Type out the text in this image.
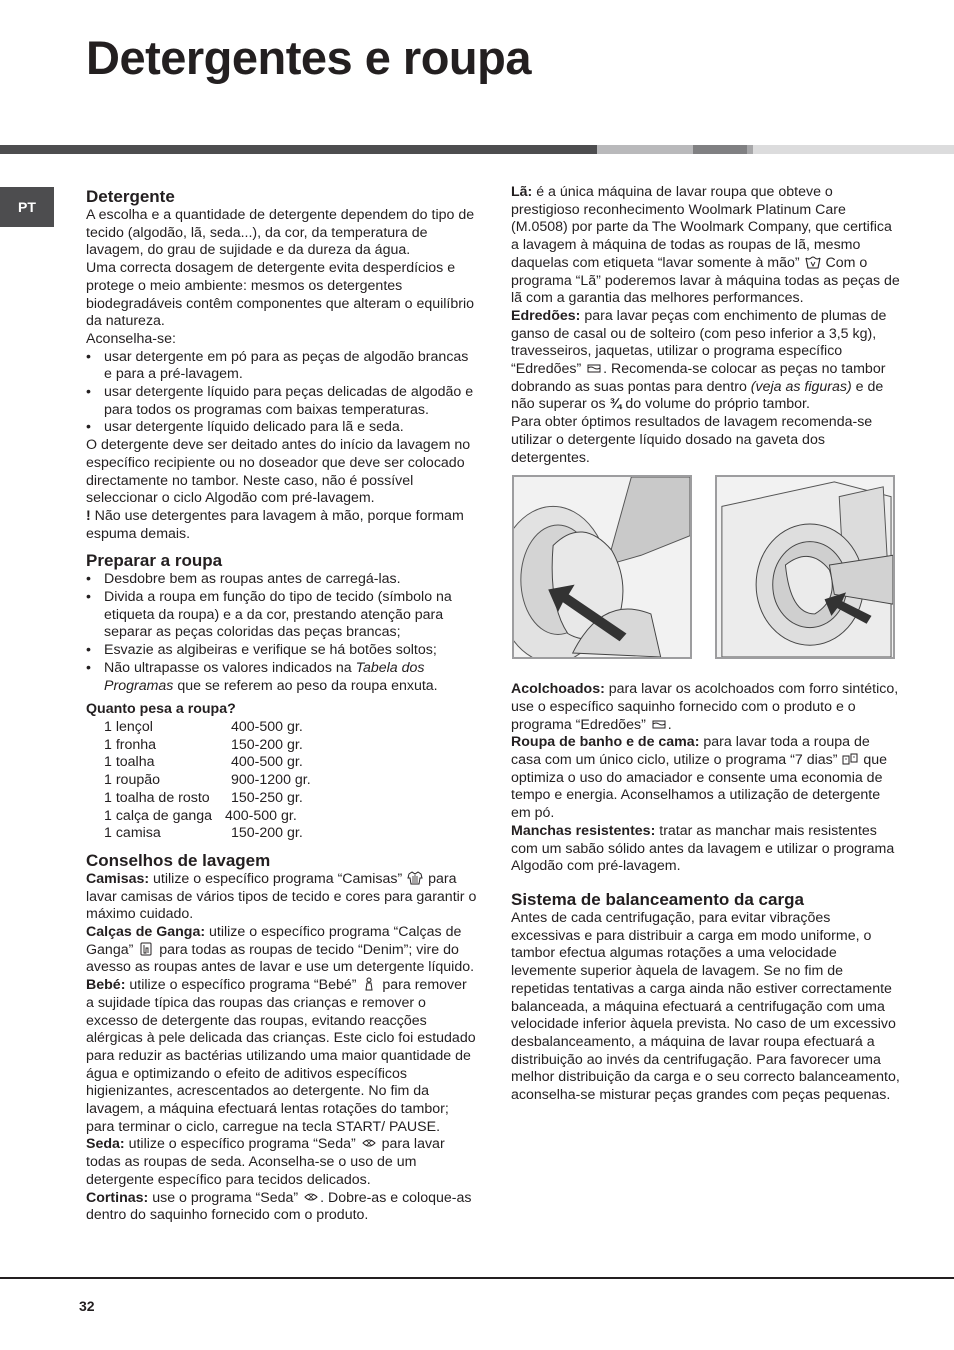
Detergentes e roupa
PT
Detergente

A escolha e a quantidade de detergente dependem do tipo de tecido (algodão, lã, seda...), da cor, da temperatura de lavagem, do grau de sujidade e da dureza da água.

Uma correcta dosagem de detergente evita desperdícios e protege o meio ambiente: mesmos os detergentes biodegradáveis contêm componentes que alteram o equilíbrio da natureza.

Aconselha-se:

• usar detergente em pó para as peças de algodão brancas e para a pré-lavagem.
• usar detergente líquido para peças delicadas de algodão e para todos os programas com baixas temperaturas.
• usar detergente líquido delicado para lã e seda.

O detergente deve ser deitado antes do início da lavagem no específico recipiente ou no doseador que deve ser colocado directamente no tambor. Neste caso, não é possível seleccionar o ciclo Algodão com pré-lavagem.

! Não use detergentes para lavagem à mão, porque formam espuma demais.

Preparar a roupa
• Desdobre bem as roupas antes de carregá-las.
• Divida a roupa em função do tipo de tecido (símbolo na etiqueta da roupa) e a da cor, prestando atenção para separar as peças coloridas das peças brancas;
• Esvazie as algibeiras e verifique se há botões soltos;
• Não ultrapasse os valores indicados na Tabela dos Programas que se referem ao peso da roupa enxuta.
Quanto pesa a roupa?
1 lençol	400-500 gr.
1 fronha	150-200 gr.
1 toalha	400-500 gr.
1 roupão	900-1200 gr.
1 toalha de rosto	150-250 gr.
1 calça de ganga 400-500 gr.
1 camisa	150-200 gr.
Conselhos de lavagem

Camisas: utilize o específico programa “Camisas”
para lavar camisas de vários tipos de tecido e cores para garantir o máximo cuidado.

Calças de Ganga: utilize o específico programa “Calças de Ganga”
para todas as roupas de tecido “Denim”; vire do avesso as roupas antes de lavar e use um detergente líquido.

Bebé: utilize o específico programa “Bebé”
para remover a sujidade típica das roupas das crianças e remover o excesso de detergente das roupas, evitando reacções alérgicas à pele delicada das crianças. Este ciclo foi estudado para reduzir as bactérias utilizando uma maior quantidade de água e optimizando o efeito de aditivos específicos higienizantes, acrescentados ao detergente. No fim da lavagem, a máquina efectuará lentas rotações do tambor; para terminar o ciclo, carregue na tecla START/ PAUSE.

Seda: utilize o específico programa “Seda”
para lavar todas as roupas de seda. Aconselha-se o uso de um detergente específico para tecidos delicados.

Cortinas: use o programa “Seda”
. Dobre-as e coloque-as dentro do saquinho fornecido com o produto.

Lã: é a única máquina de lavar roupa que obteve o prestigioso reconhecimento Woolmark Platinum Care (M.0508) por parte da The Woolmark Company, que certifica a lavagem à máquina de todas as roupas de lã, mesmo daquelas com etiqueta “lavar somente à mão”
Com o programa “Lã” poderemos lavar à máquina todas as peças de lã com a garantia das melhores performances.

Edredões: para lavar peças com enchimento de plumas de ganso de casal ou de solteiro (com peso inferior a 3,5 kg), travesseiros, jaquetas, utilizar o programa específico “Edredões”
. Recomenda-se colocar as peças no tambor dobrando as suas pontas para dentro (veja as figuras) e de não superar os ¾ do volume do próprio tambor.

Para obter óptimos resultados de lavagem recomenda-se utilizar o detergente líquido dosado na gaveta dos detergentes.

Acolchoados: para lavar os acolchoados com forro sintético, use o específico saquinho fornecido com o produto e o programa “Edredões”
.

Roupa de banho e de cama: para lavar toda a roupa de casa com um único ciclo, utilize o programa “7 dias”
que optimiza o uso do amaciador e consente uma economia de tempo e energia. Aconselhamos a utilização de detergente em pó.

Manchas resistentes: tratar as manchar mais resistentes com um sabão sólido antes da lavagem e utilizar o programa Algodão com pré-lavagem.

Sistema de balanceamento da carga

Antes de cada centrifugação, para evitar vibrações excessivas e para distribuir a carga em modo uniforme, o tambor efectua algumas rotações a uma velocidade levemente superior àquela de lavagem. Se no fim de repetidas tentativas a carga ainda não estiver correctamente balanceada, a máquina efectuará a centrifugação com uma velocidade inferior àquela prevista. No caso de um excessivo desbalanceamento, a máquina de lavar roupa efectuará a distribuição ao invés da centrifugação. Para favorecer uma melhor distribuição da carga e o seu correcto balanceamento, aconselha-se misturar peças grandes com peças pequenas.

32
